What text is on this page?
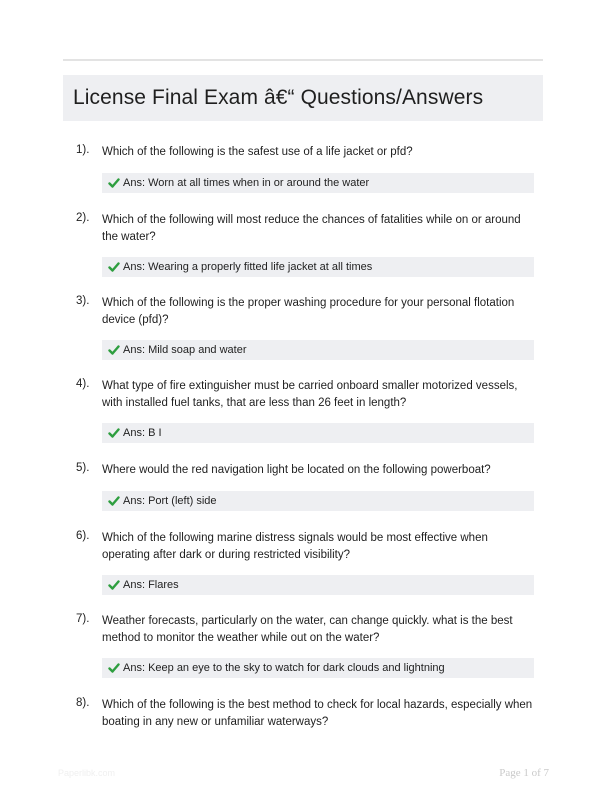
License Final Exam â€“ Questions/Answers
1). Which of the following is the safest use of a life jacket or pfd?
Ans: Worn at all times when in or around the water
2). Which of the following will most reduce the chances of fatalities while on or around the water?
Ans: Wearing a properly fitted life jacket at all times
3). Which of the following is the proper washing procedure for your personal flotation device (pfd)?
Ans: Mild soap and water
4). What type of fire extinguisher must be carried onboard smaller motorized vessels, with installed fuel tanks, that are less than 26 feet in length?
Ans: B I
5). Where would the red navigation light be located on the following powerboat?
Ans: Port (left) side
6). Which of the following marine distress signals would be most effective when operating after dark or during restricted visibility?
Ans: Flares
7). Weather forecasts, particularly on the water, can change quickly. what is the best method to monitor the weather while out on the water?
Ans: Keep an eye to the sky to watch for dark clouds and lightning
8). Which of the following is the best method to check for local hazards, especially when boating in any new or unfamiliar waterways?
Paperlibk.com	Page 1 of 7
